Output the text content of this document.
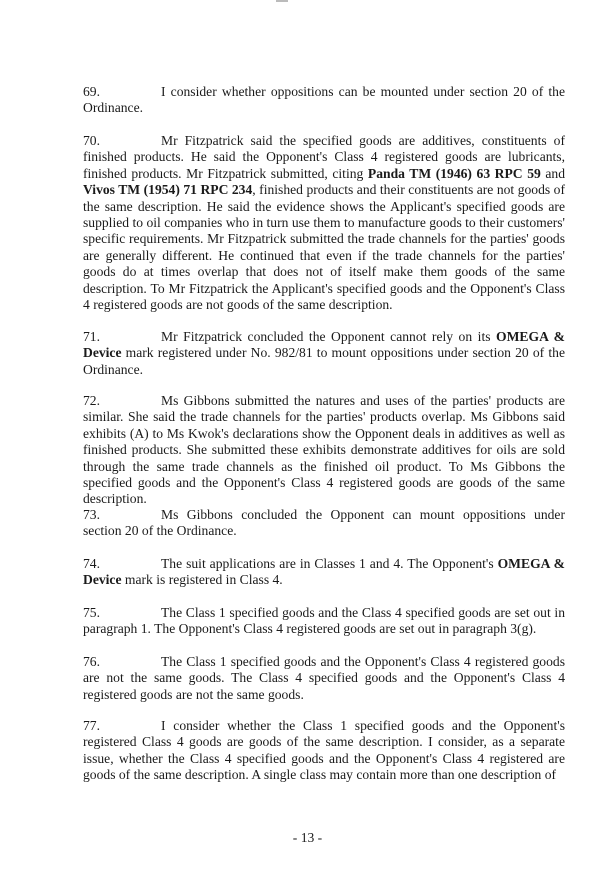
69.	I consider whether oppositions can be mounted under section 20 of the Ordinance.

70.	Mr Fitzpatrick said the specified goods are additives, constituents of finished products. He said the Opponent's Class 4 registered goods are lubricants, finished products. Mr Fitzpatrick submitted, citing Panda TM (1946) 63 RPC 59 and Vivos TM (1954) 71 RPC 234, finished products and their constituents are not goods of the same description. He said the evidence shows the Applicant's specified goods are supplied to oil companies who in turn use them to manufacture goods to their customers' specific requirements. Mr Fitzpatrick submitted the trade channels for the parties' goods are generally different. He continued that even if the trade channels for the parties' goods do at times overlap that does not of itself make them goods of the same description. To Mr Fitzpatrick the Applicant's specified goods and the Opponent's Class 4 registered goods are not goods of the same description.

71.	Mr Fitzpatrick concluded the Opponent cannot rely on its OMEGA & Device mark registered under No. 982/81 to mount oppositions under section 20 of the Ordinance.

72.	Ms Gibbons submitted the natures and uses of the parties' products are similar. She said the trade channels for the parties' products overlap. Ms Gibbons said exhibits (A) to Ms Kwok's declarations show the Opponent deals in additives as well as finished products. She submitted these exhibits demonstrate additives for oils are sold through the same trade channels as the finished oil product. To Ms Gibbons the specified goods and the Opponent's Class 4 registered goods are goods of the same description.

73.	Ms Gibbons concluded the Opponent can mount oppositions under section 20 of the Ordinance.

74.	The suit applications are in Classes 1 and 4. The Opponent's OMEGA & Device mark is registered in Class 4.

75.	The Class 1 specified goods and the Class 4 specified goods are set out in paragraph 1. The Opponent's Class 4 registered goods are set out in paragraph 3(g).

76.	The Class 1 specified goods and the Opponent's Class 4 registered goods are not the same goods. The Class 4 specified goods and the Opponent's Class 4 registered goods are not the same goods.

77.	I consider whether the Class 1 specified goods and the Opponent's registered Class 4 goods are goods of the same description. I consider, as a separate issue, whether the Class 4 specified goods and the Opponent's Class 4 registered are goods of the same description. A single class may contain more than one description of

- 13 -
